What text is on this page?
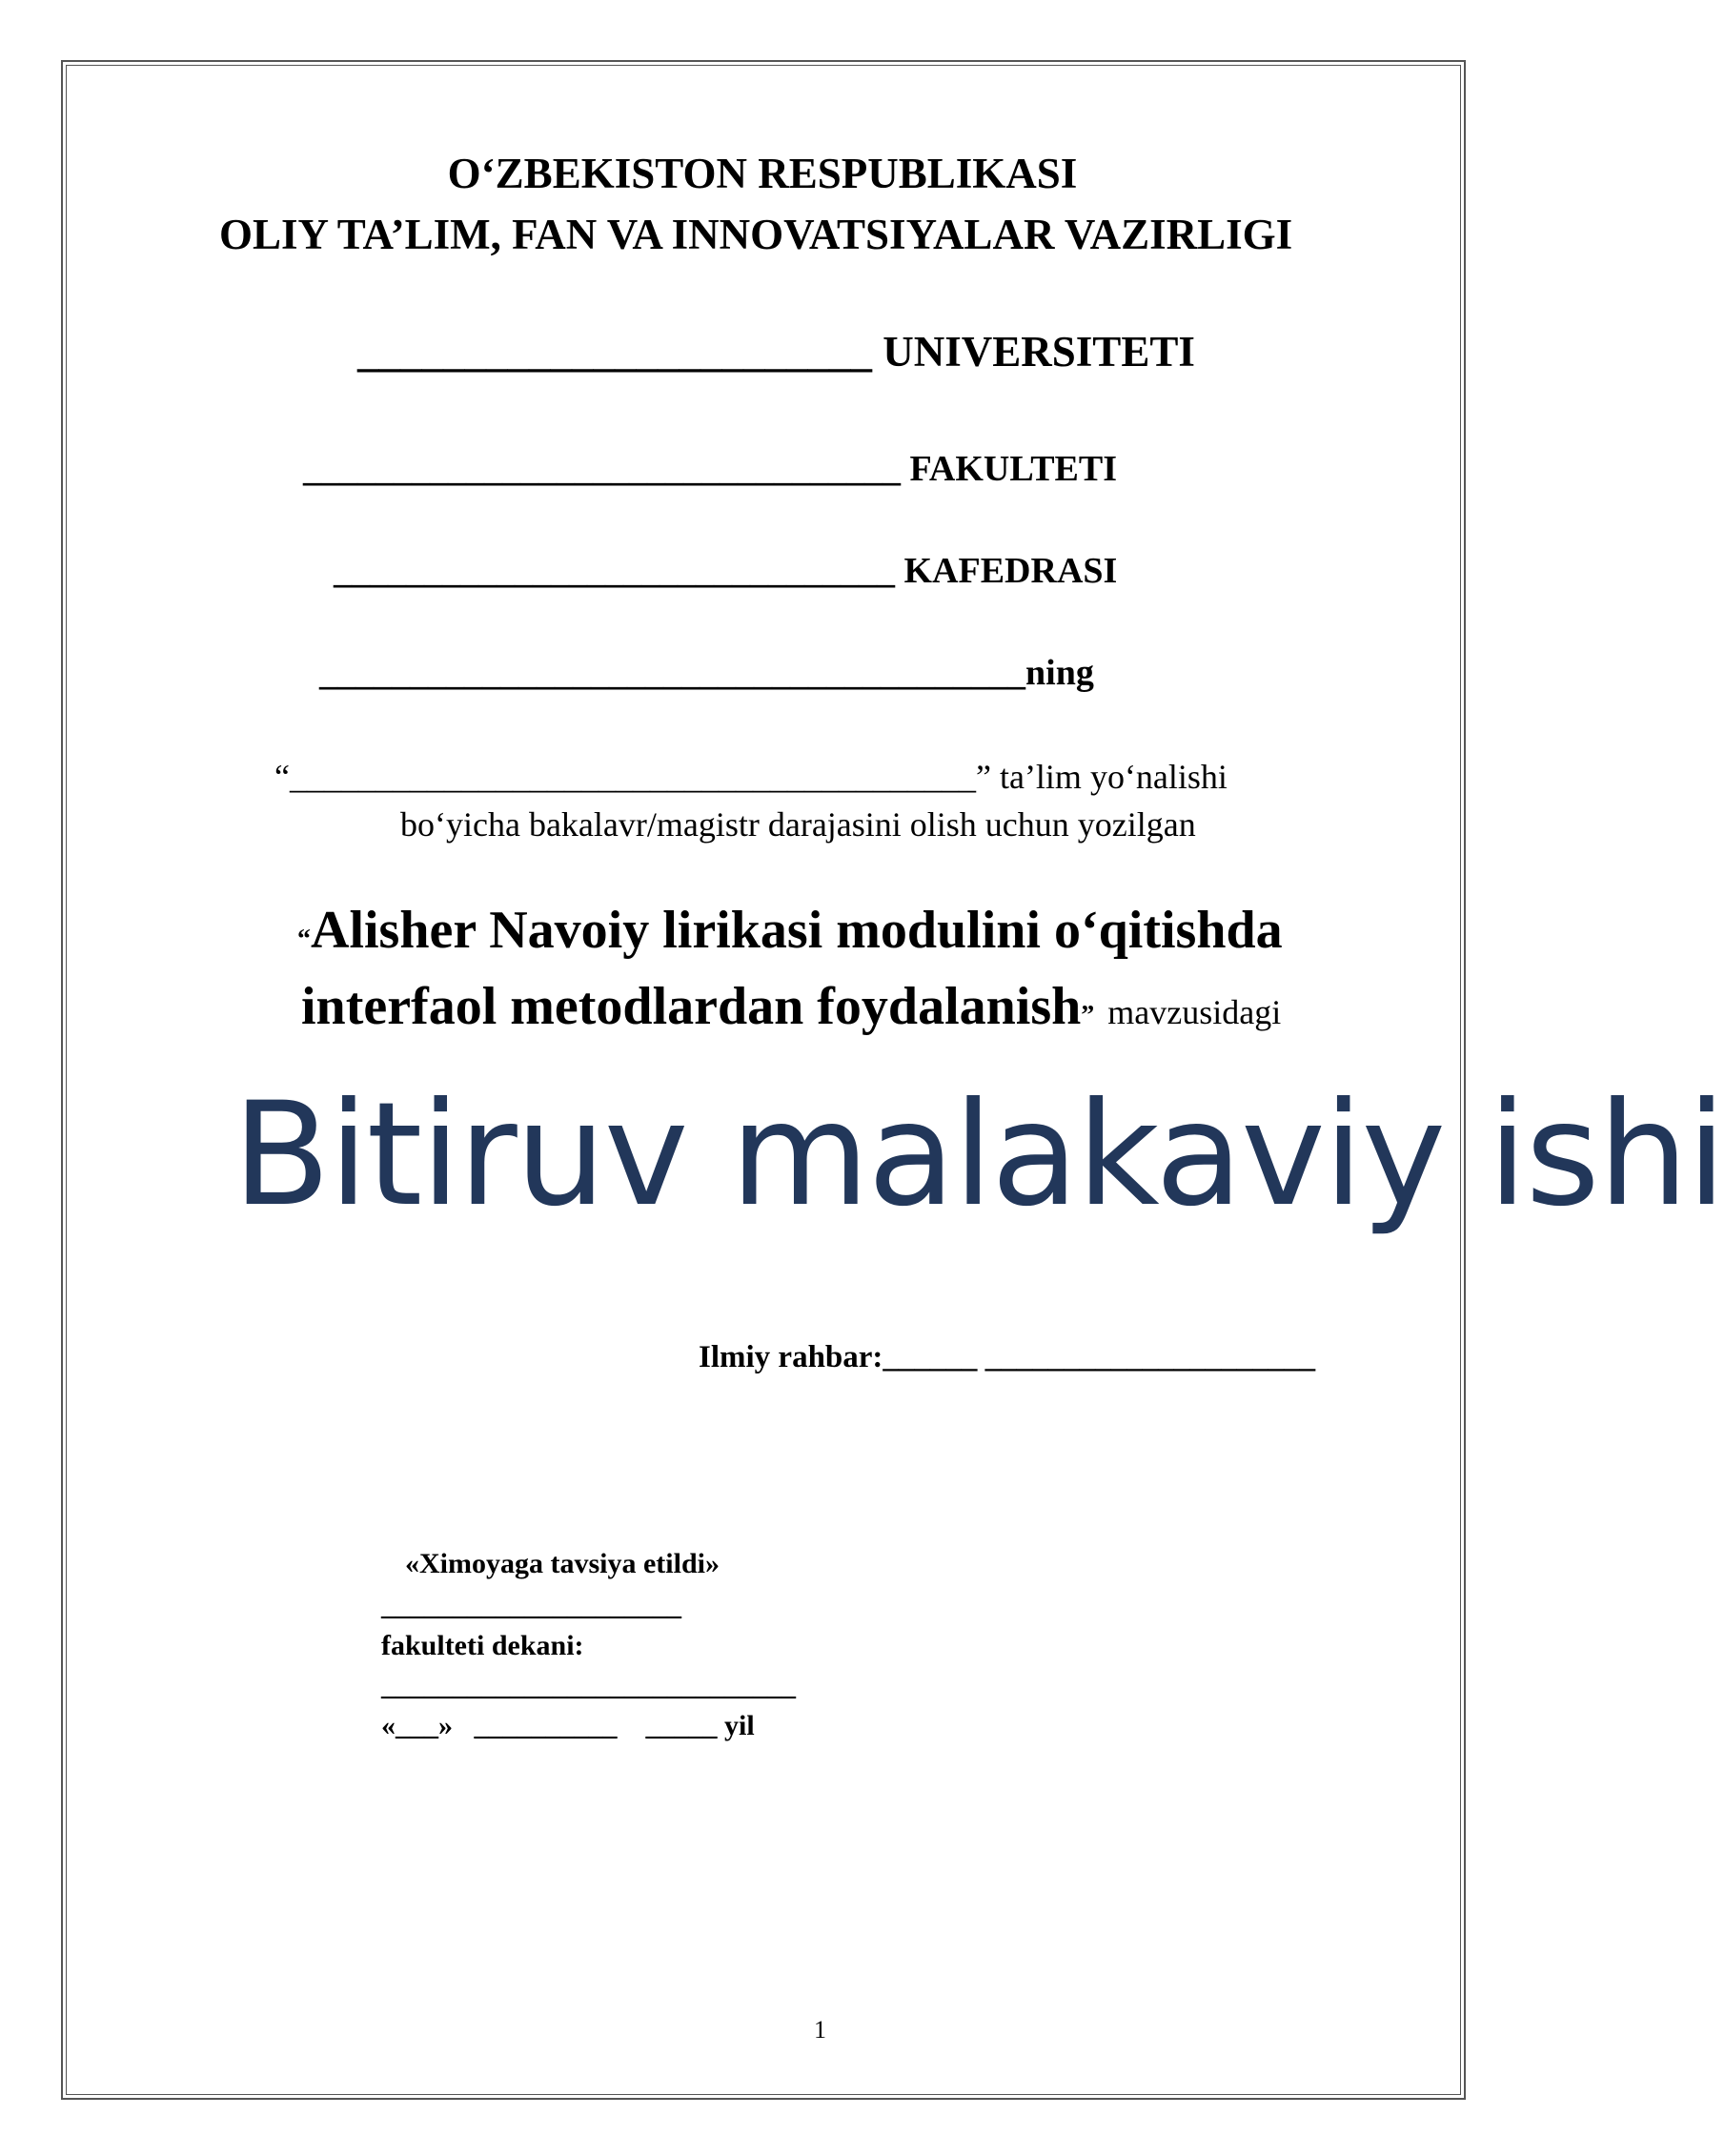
O‘ZBEKISTON RESPUBLIKASI
OLIY TA’LIM, FAN VA INNOVATSIYALAR VAZIRLIGI
________________________ UNIVERSITETI
_________________________________ FAKULTETI
_______________________________ KAFEDRASI
_______________________________________ning
“________________________________________” ta’lim yo‘nalishi
bo‘yicha bakalavr/magistr darajasini olish uchun yozilgan
“Alisher Navoiy lirikasi modulini o‘qitishda
interfaol metodlardan foydalanish” mavzusidagi
Bitiruv malakaviy ishi
Ilmiy rahbar:______ _____________________
«Ximoyaga tavsiya etildi»
_____________________
fakulteti dekani:
_____________________________
«___» __________ _____ yil
1
